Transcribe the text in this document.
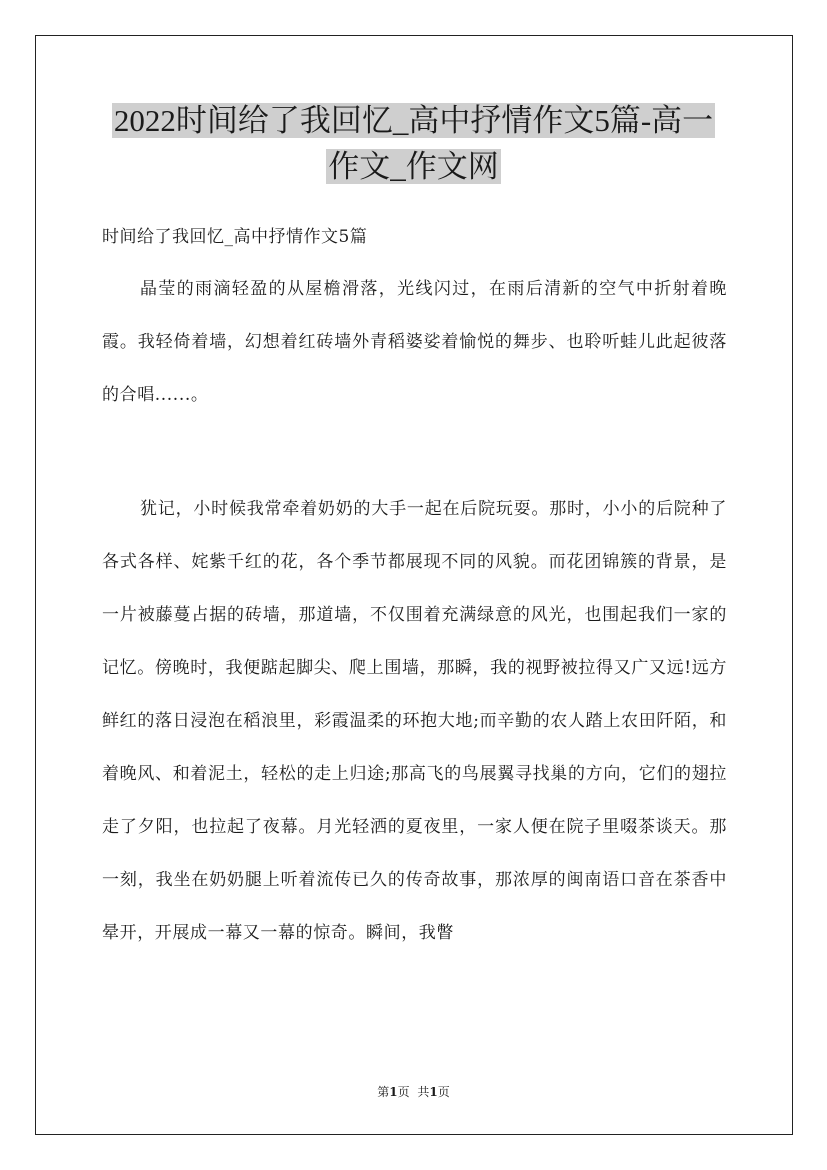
2022时间给了我回忆_高中抒情作文5篇-高一
作文_作文网
时间给了我回忆_高中抒情作文5篇

晶莹的雨滴轻盈的从屋檐滑落，光线闪过，在雨后清新的空气中折射着晚霞。我轻倚着墙，幻想着红砖墙外青稻婆娑着愉悦的舞步、也聆听蛙儿此起彼落的合唱......。

犹记，小时候我常牵着奶奶的大手一起在后院玩耍。那时，小小的后院种了各式各样、姹紫千红的花，各个季节都展现不同的风貌。而花团锦簇的背景，是一片被藤蔓占据的砖墙，那道墙，不仅围着充满绿意的风光，也围起我们一家的记忆。傍晚时，我便踮起脚尖、爬上围墙，那瞬，我的视野被拉得又广又远!远方鲜红的落日浸泡在稻浪里，彩霞温柔的环抱大地;而辛勤的农人踏上农田阡陌，和着晚风、和着泥土，轻松的走上归途;那高飞的鸟展翼寻找巢的方向，它们的翅拉走了夕阳，也拉起了夜幕。月光轻洒的夏夜里，一家人便在院子里啜茶谈天。那一刻，我坐在奶奶腿上听着流传已久的传奇故事，那浓厚的闽南语口音在茶香中晕开，开展成一幕又一幕的惊奇。瞬间，我瞥

第1页 共1页
